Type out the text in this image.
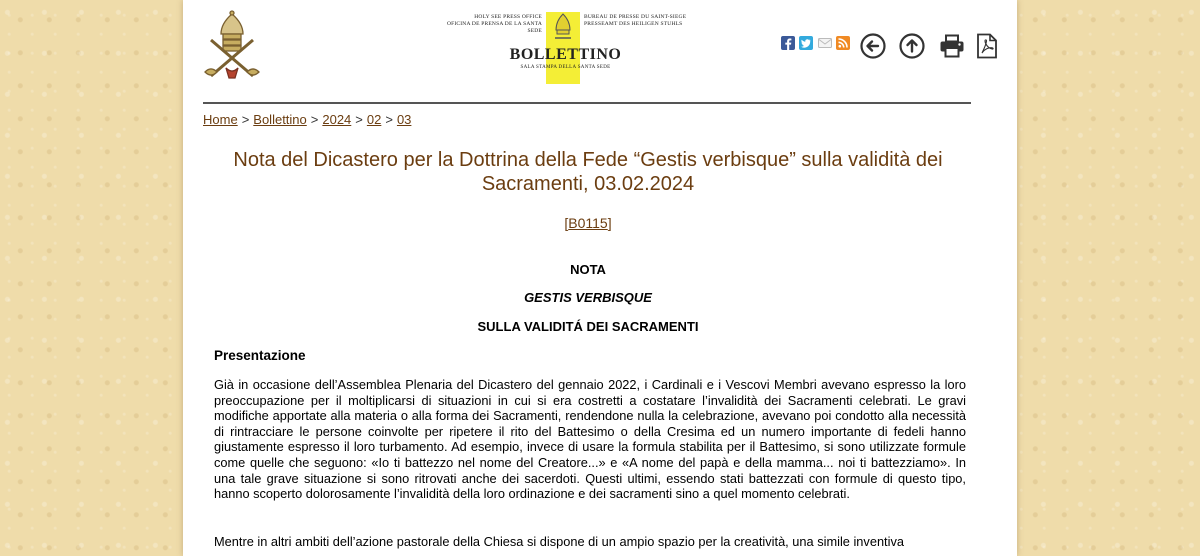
HOLY SEE PRESS OFFICE
OFICINA DE PRENSA DE LA SANTA SEDE
BUREAU DE PRESSE DU SAINT-SIEGE
PRESSEAMT DES HEILIGEN STUHLS
BOLLETTINO
SALA STAMPA DELLA SANTA SEDE
Home > Bollettino > 2024 > 02 > 03
Nota del Dicastero per la Dottrina della Fede “Gestis verbisque” sulla validità dei Sacramenti, 03.02.2024
[B0115]
NOTA
GESTIS VERBISQUE
SULLA VALIDITÁ DEI SACRAMENTI
Presentazione
Già in occasione dell’Assemblea Plenaria del Dicastero del gennaio 2022, i Cardinali e i Vescovi Membri avevano espresso la loro preoccupazione per il moltiplicarsi di situazioni in cui si era costretti a costatare l’invalidità dei Sacramenti celebrati. Le gravi modifiche apportate alla materia o alla forma dei Sacramenti, rendendone nulla la celebrazione, avevano poi condotto alla necessità di rintracciare le persone coinvolte per ripetere il rito del Battesimo o della Cresima ed un numero importante di fedeli hanno giustamente espresso il loro turbamento. Ad esempio, invece di usare la formula stabilita per il Battesimo, si sono utilizzate formule come quelle che seguono: «Io ti battezzo nel nome del Creatore...» e «A nome del papà e della mamma... noi ti battezziamo». In una tale grave situazione si sono ritrovati anche dei sacerdoti. Questi ultimi, essendo stati battezzati con formule di questo tipo, hanno scoperto dolorosamente l’invalidità della loro ordinazione e dei sacramenti sino a quel momento celebrati.
Mentre in altri ambiti dell’azione pastorale della Chiesa si dispone di un ampio spazio per la creatività, una simile inventiva
